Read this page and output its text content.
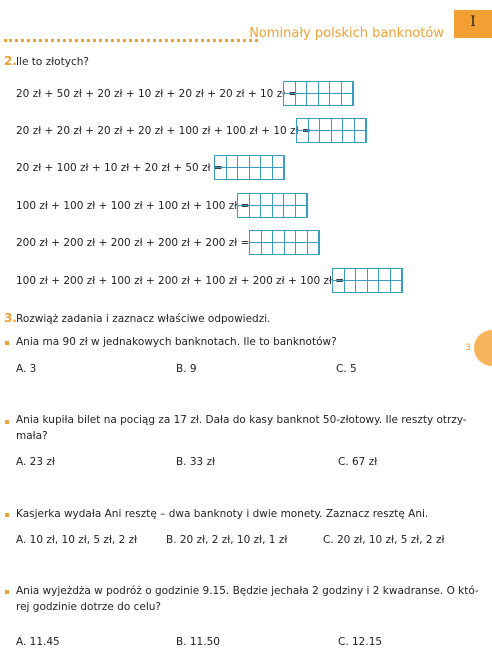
Nominały polskich banknotów
I
3
2. Ile to złotych?
20 zł + 50 zł + 20 zł + 10 zł + 20 zł + 20 zł + 10 zł =
20 zł + 20 zł + 20 zł + 20 zł + 100 zł + 100 zł + 10 zł =
20 zł + 100 zł + 10 zł + 20 zł + 50 zł =
100 zł + 100 zł + 100 zł + 100 zł + 100 zł =
200 zł + 200 zł + 200 zł + 200 zł + 200 zł =
100 zł + 200 zł + 100 zł + 200 zł + 100 zł + 200 zł + 100 zł =
3. Rozwiąż zadania i zaznacz właściwe odpowiedzi.
Ania ma 90 zł w jednakowych banknotach. Ile to banknotów?
A. 3	B. 9	C. 5
Ania kupiła bilet na pociąg za 17 zł. Dała do kasy banknot 50-złotowy. Ile reszty otrzy-
mała?
A. 23 zł	B. 33 zł	C. 67 zł
Kasjerka wydała Ani resztę – dwa banknoty i dwie monety. Zaznacz resztę Ani.
A. 10 zł, 10 zł, 5 zł, 2 zł	B. 20 zł, 2 zł, 10 zł, 1 zł	C. 20 zł, 10 zł, 5 zł, 2 zł
Ania wyjeżdża w podróż o godzinie 9.15. Będzie jechała 2 godziny i 2 kwadranse. O któ-
rej godzinie dotrze do celu?
A. 11.45	B. 11.50	C. 12.15
